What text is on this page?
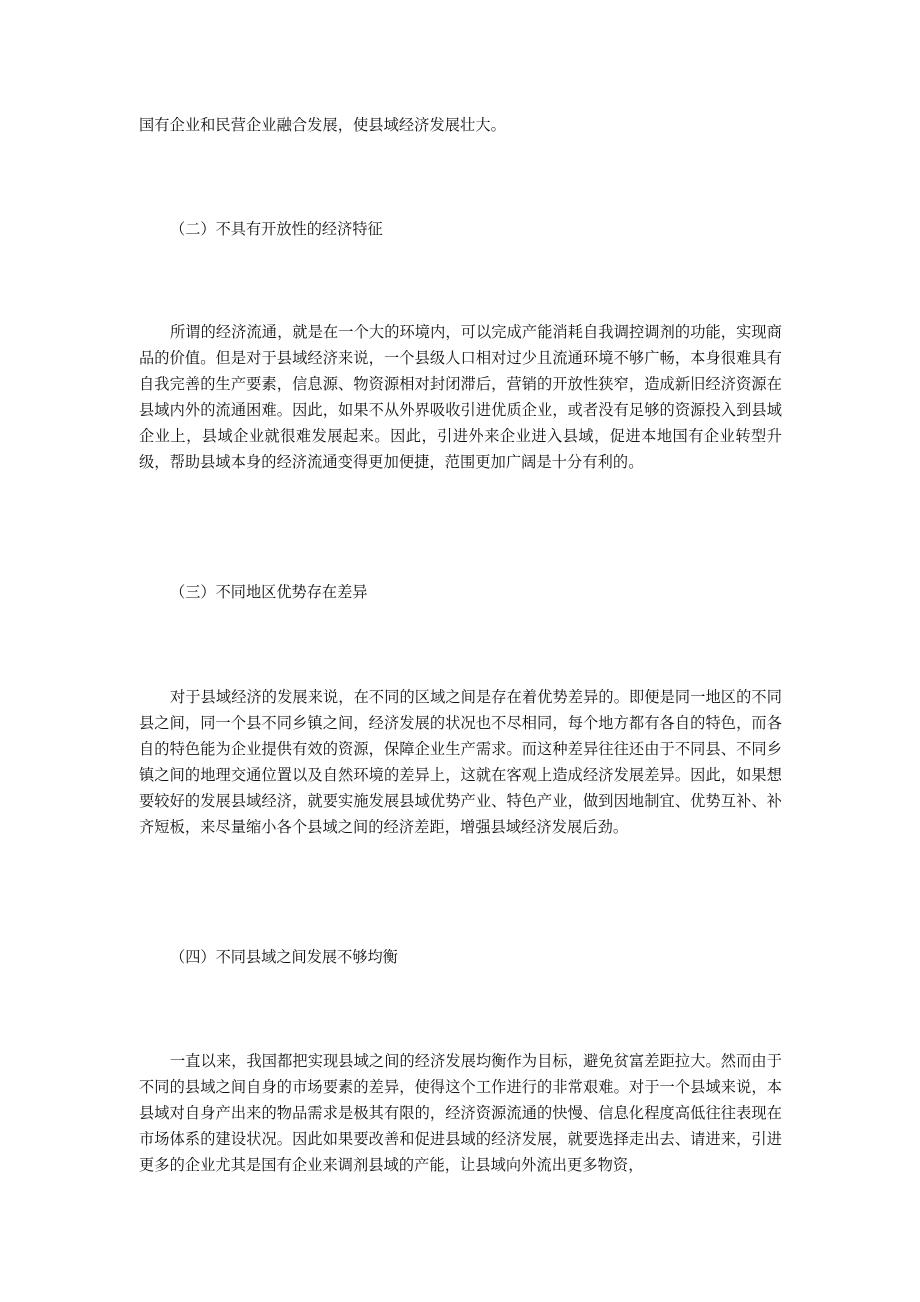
国有企业和民营企业融合发展，使县域经济发展壮大。

（二）不具有开放性的经济特征

所谓的经济流通，就是在一个大的环境内，可以完成产能消耗自我调控调剂的功能，实现商品的价值。但是对于县域经济来说，一个县级人口相对过少且流通环境不够广畅，本身很难具有自我完善的生产要素，信息源、物资源相对封闭滞后，营销的开放性狭窄，造成新旧经济资源在县域内外的流通困难。因此，如果不从外界吸收引进优质企业，或者没有足够的资源投入到县域企业上，县域企业就很难发展起来。因此，引进外来企业进入县域，促进本地国有企业转型升级，帮助县域本身的经济流通变得更加便捷，范围更加广阔是十分有利的。

（三）不同地区优势存在差异

对于县域经济的发展来说，在不同的区域之间是存在着优势差异的。即便是同一地区的不同县之间，同一个县不同乡镇之间，经济发展的状况也不尽相同，每个地方都有各自的特色，而各自的特色能为企业提供有效的资源，保障企业生产需求。而这种差异往往还由于不同县、不同乡镇之间的地理交通位置以及自然环境的差异上，这就在客观上造成经济发展差异。因此，如果想要较好的发展县域经济，就要实施发展县域优势产业、特色产业，做到因地制宜、优势互补、补齐短板，来尽量缩小各个县域之间的经济差距，增强县域经济发展后劲。

（四）不同县域之间发展不够均衡

一直以来，我国都把实现县域之间的经济发展均衡作为目标，避免贫富差距拉大。然而由于不同的县域之间自身的市场要素的差异，使得这个工作进行的非常艰难。对于一个县域来说，本县域对自身产出来的物品需求是极其有限的，经济资源流通的快慢、信息化程度高低往往表现在市场体系的建设状况。因此如果要改善和促进县域的经济发展，就要选择走出去、请进来，引进更多的企业尤其是国有企业来调剂县域的产能，让县域向外流出更多物资，
